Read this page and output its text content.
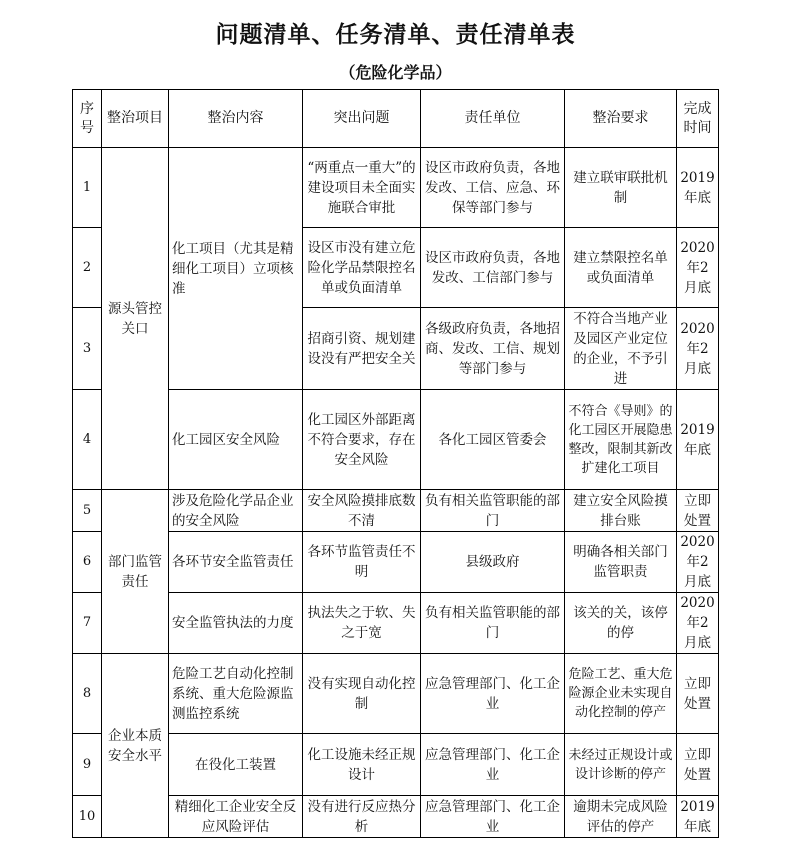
问题清单、任务清单、责任清单表
（危险化学品）
序号	整治项目	整治内容	突出问题	责任单位	整治要求	完成时间
1	源头管控关口	化工项目（尤其是精细化工项目）立项核准	“两重点一重大”的建设项目未全面实施联合审批	设区市政府负责，各地发改、工信、应急、环保等部门参与	建立联审联批机制	2019年底
2			设区市没有建立危险化学品禁限控名单或负面清单	设区市政府负责，各地发改、工信部门参与	建立禁限控名单或负面清单	2020年2月底
3			招商引资、规划建设没有严把安全关	各级政府负责，各地招商、发改、工信、规划等部门参与	不符合当地产业及园区产业定位的企业，不予引进	2020年2月底
4		化工园区安全风险	化工园区外部距离不符合要求，存在安全风险	各化工园区管委会	不符合《导则》的化工园区开展隐患整改，限制其新改扩建化工项目	2019年底
5	部门监管责任	涉及危险化学品企业的安全风险	安全风险摸排底数不清	负有相关监管职能的部门	建立安全风险摸排台账	立即处置
6		各环节安全监管责任	各环节监管责任不明	县级政府	明确各相关部门监管职责	2020年2月底
7		安全监管执法的力度	执法失之于软、失之于宽	负有相关监管职能的部门	该关的关，该停的停	2020年2月底
8	企业本质安全水平	危险工艺自动化控制系统、重大危险源监测监控系统	没有实现自动化控制	应急管理部门、化工企业	危险工艺、重大危险源企业未实现自动化控制的停产	立即处置
9		在役化工装置	化工设施未经正规设计	应急管理部门、化工企业	未经过正规设计或设计诊断的停产	立即处置
10		精细化工企业安全反应风险评估	没有进行反应热分析	应急管理部门、化工企业	逾期未完成风险评估的停产	2019年底
